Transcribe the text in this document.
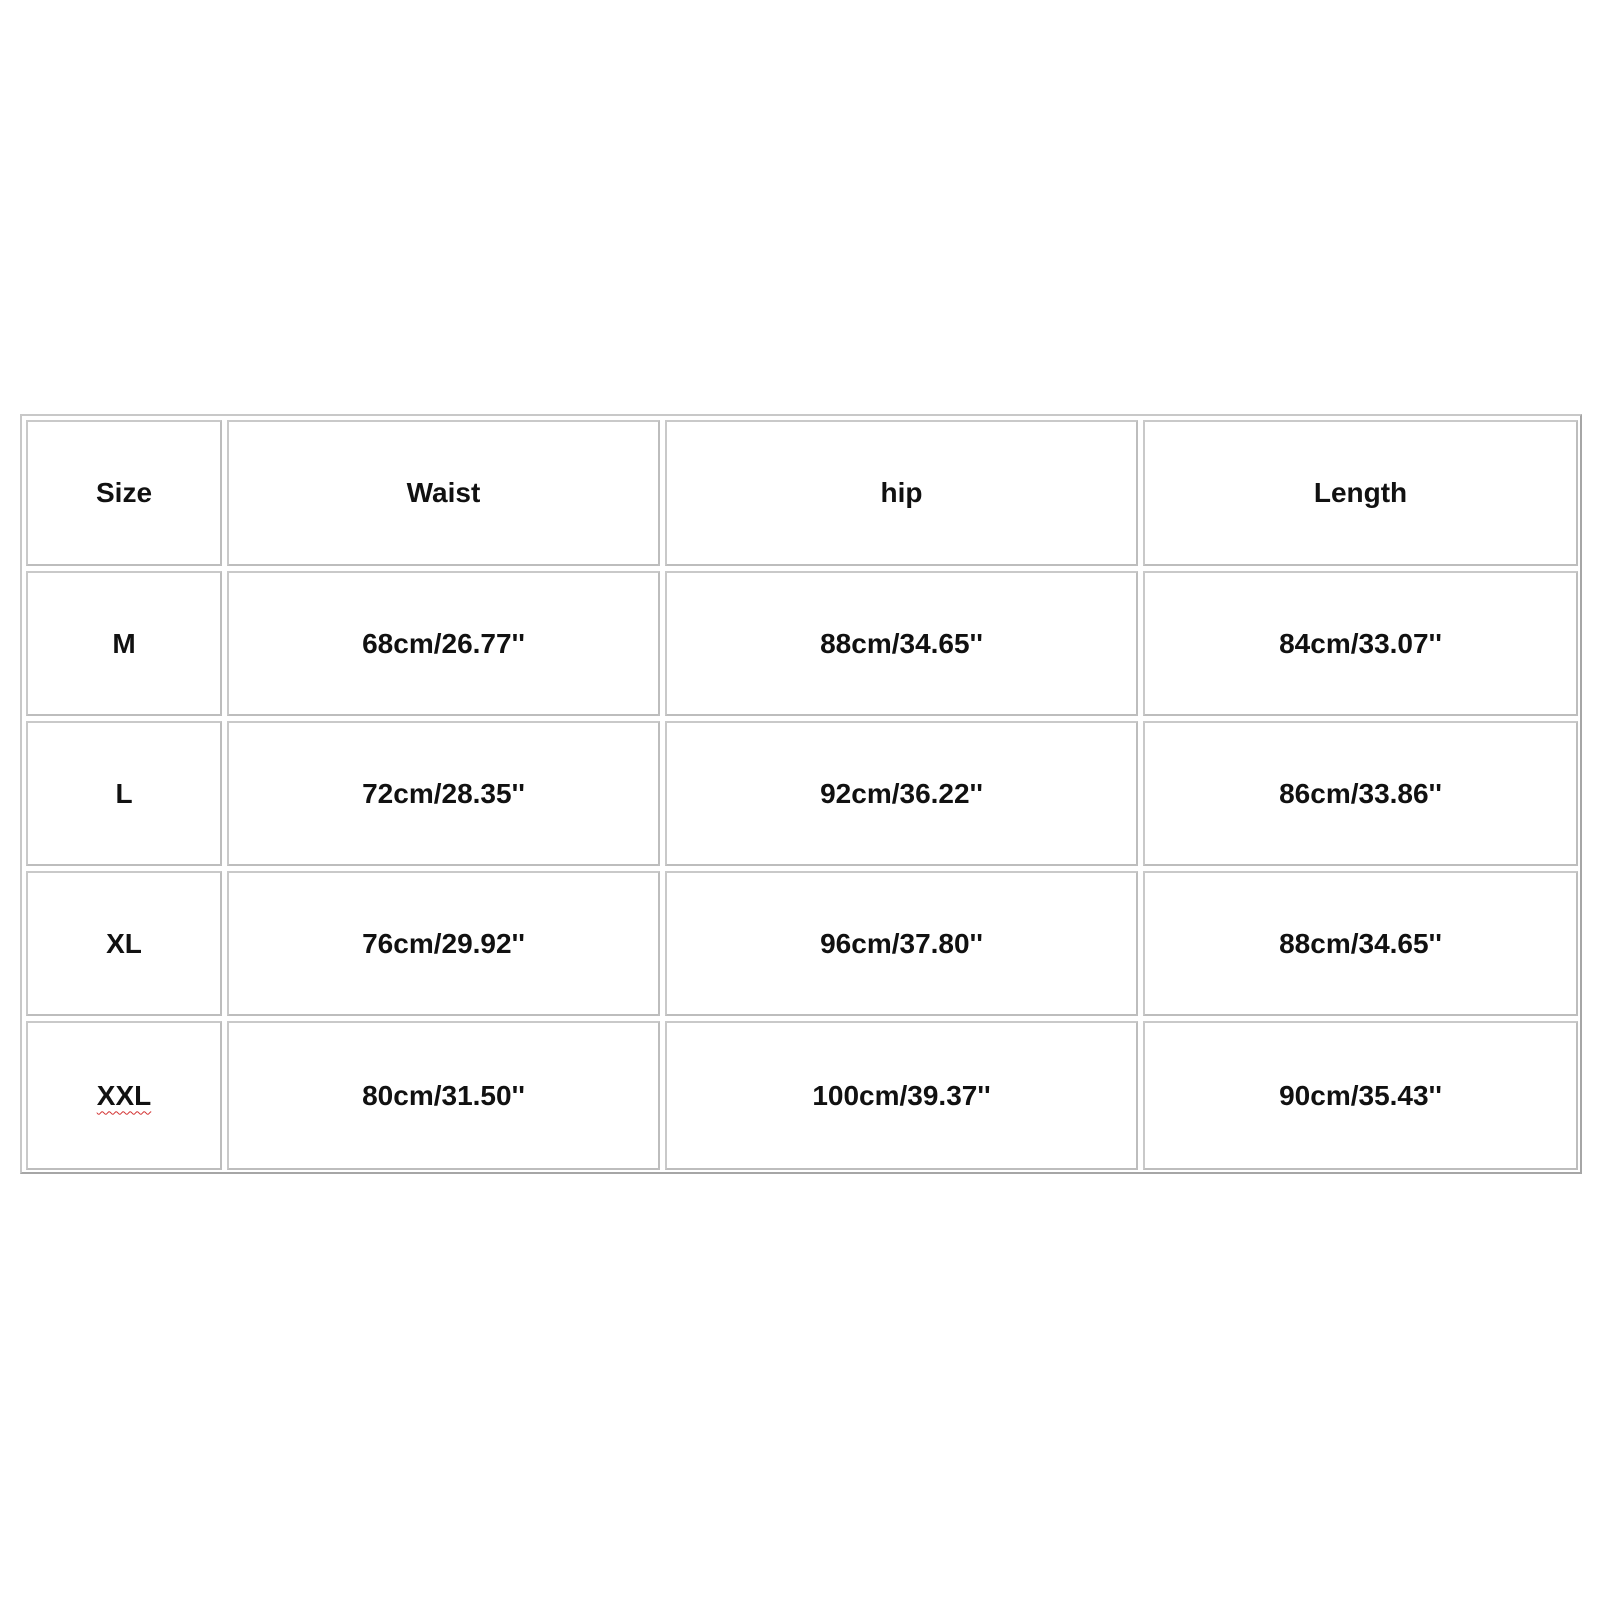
Size	Waist	hip	Length
M	68cm/26.77''	88cm/34.65''	84cm/33.07''
L	72cm/28.35''	92cm/36.22''	86cm/33.86''
XL	76cm/29.92''	96cm/37.80''	88cm/34.65''
XXL	80cm/31.50''	100cm/39.37''	90cm/35.43''
